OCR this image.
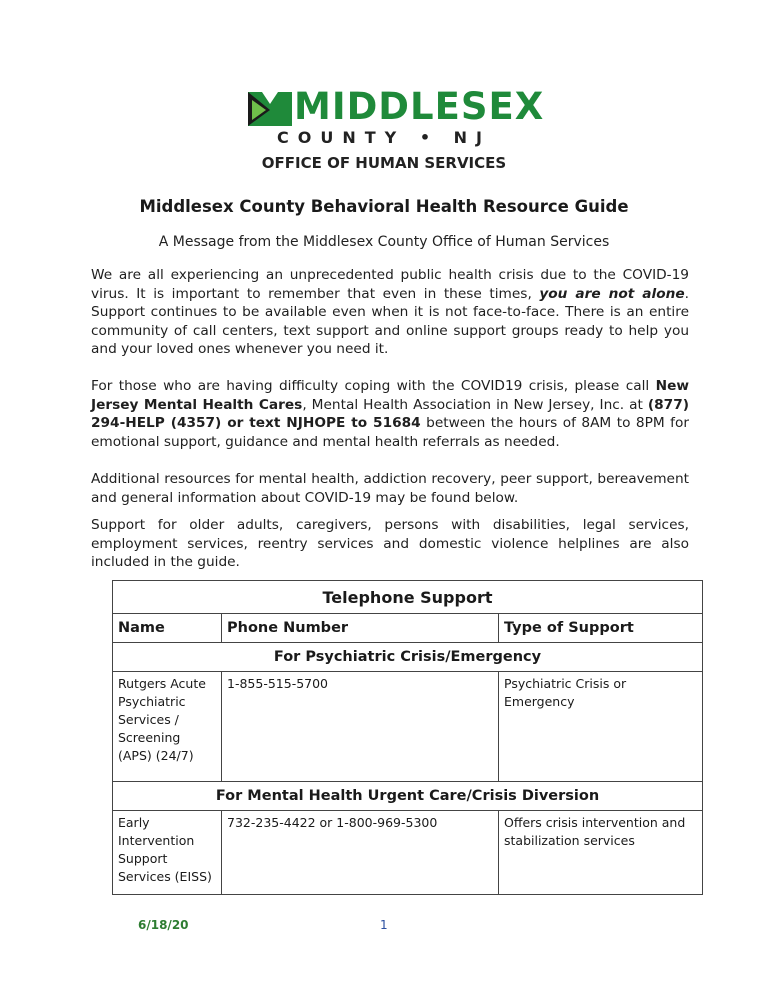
MIDDLESEX
COUNTY • NJ
OFFICE OF HUMAN SERVICES
Middlesex County Behavioral Health Resource Guide
A Message from the Middlesex County Office of Human Services
We are all experiencing an unprecedented public health crisis due to the COVID-19 virus. It is important to remember that even in these times, you are not alone. Support continues to be available even when it is not face-to-face. There is an entire community of call centers, text support and online support groups ready to help you and your loved ones whenever you need it.
For those who are having difficulty coping with the COVID19 crisis, please call New Jersey Mental Health Cares, Mental Health Association in New Jersey, Inc. at (877) 294-HELP (4357) or text NJHOPE to 51684 between the hours of 8AM to 8PM for emotional support, guidance and mental health referrals as needed.
Additional resources for mental health, addiction recovery, peer support, bereavement and general information about COVID-19 may be found below.
Support for older adults, caregivers, persons with disabilities, legal services, employment services, reentry services and domestic violence helplines are also included in the guide.
Telephone Support		
Name	Phone Number	Type of Support
For Psychiatric Crisis/Emergency		
Rutgers Acute Psychiatric Services / Screening (APS) (24/7)	1-855-515-5700	Psychiatric Crisis or Emergency
For Mental Health Urgent Care/Crisis Diversion		
Early Intervention Support Services (EISS)	732-235-4422 or 1-800-969-5300	Offers crisis intervention and stabilization services
6/18/20	1
